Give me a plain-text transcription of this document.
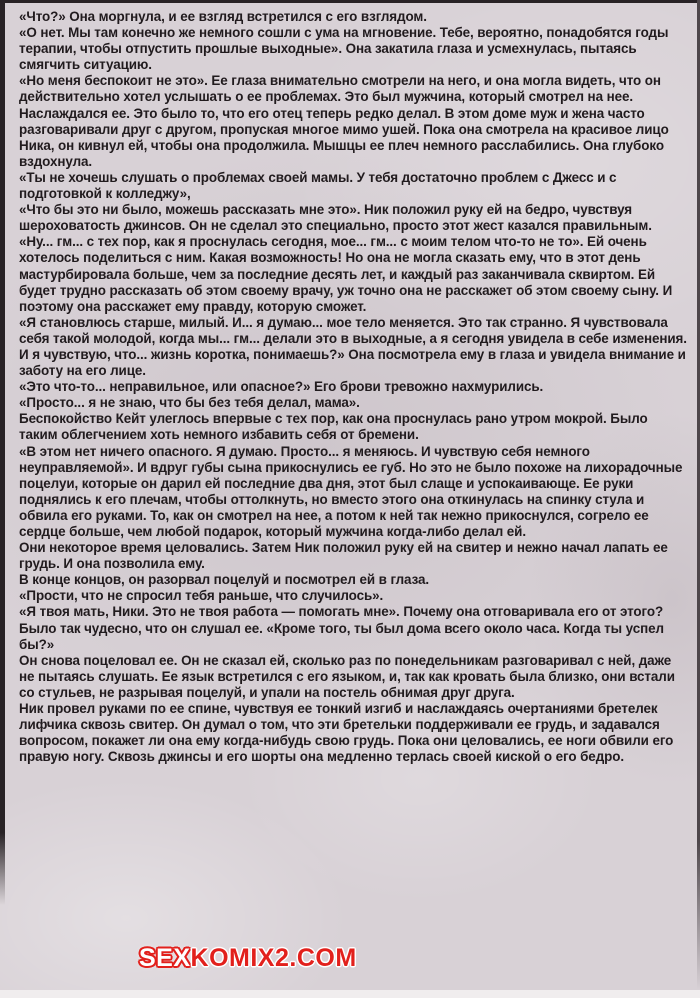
«Что?» Она моргнула, и ее взгляд встретился с его взглядом.

«О нет. Мы там конечно же немного сошли с ума на мгновение. Тебе, вероятно, понадобятся годы терапии, чтобы отпустить прошлые выходные». Она закатила глаза и усмехнулась, пытаясь смягчить ситуацию.

«Но меня беспокоит не это». Ее глаза внимательно смотрели на него, и она могла видеть, что он действительно хотел услышать о ее проблемах. Это был мужчина, который смотрел на нее. Наслаждался ее. Это было то, что его отец теперь редко делал. В этом доме муж и жена часто разговаривали друг с другом, пропуская многое мимо ушей. Пока она смотрела на красивое лицо Ника, он кивнул ей, чтобы она продолжила. Мышцы ее плеч немного расслабились. Она глубоко вздохнула.

«Ты не хочешь слушать о проблемах своей мамы. У тебя достаточно проблем с Джесс и с подготовкой к колледжу»,

«Что бы это ни было, можешь рассказать мне это». Ник положил руку ей на бедро, чувствуя шероховатость джинсов. Он не сделал это специально, просто этот жест казался правильным.

«Ну... гм... с тех пор, как я проснулась сегодня, мое... гм... с моим телом что-то не то». Ей очень хотелось поделиться с ним. Какая возможность! Но она не могла сказать ему, что в этот день мастурбировала больше, чем за последние десять лет, и каждый раз заканчивала сквиртом. Ей будет трудно рассказать об этом своему врачу, уж точно она не расскажет об этом своему сыну. И поэтому она расскажет ему правду, которую сможет.

«Я становлюсь старше, милый. И... я думаю... мое тело меняется. Это так странно. Я чувствовала себя такой молодой, когда мы... гм... делали это в выходные, а я сегодня увидела в себе изменения. И я чувствую, что... жизнь коротка, понимаешь?» Она посмотрела ему в глаза и увидела внимание и заботу на его лице.

«Это что-то... неправильное, или опасное?» Его брови тревожно нахмурились.

«Просто... я не знаю, что бы без тебя делал, мама».

Беспокойство Кейт улеглось впервые с тех пор, как она проснулась рано утром мокрой. Было таким облегчением хоть немного избавить себя от бремени.

«В этом нет ничего опасного. Я думаю. Просто... я меняюсь. И чувствую себя немного неуправляемой». И вдруг губы сына прикоснулись ее губ. Но это не было похоже на лихорадочные поцелуи, которые он дарил ей последние два дня, этот был слаще и успокаивающе. Ее руки поднялись к его плечам, чтобы оттолкнуть, но вместо этого она откинулась на спинку стула и обвила его руками. То, как он смотрел на нее, а потом к ней так нежно прикоснулся, согрело ее сердце больше, чем любой подарок, который мужчина когда-либо делал ей.

Они некоторое время целовались. Затем Ник положил руку ей на свитер и нежно начал лапать ее грудь. И она позволила ему.

В конце концов, он разорвал поцелуй и посмотрел ей в глаза.

«Прости, что не спросил тебя раньше, что случилось».

«Я твоя мать, Ники. Это не твоя работа — помогать мне». Почему она отговаривала его от этого? Было так чудесно, что он слушал ее. «Кроме того, ты был дома всего около часа. Когда ты успел бы?»

Он снова поцеловал ее. Он не сказал ей, сколько раз по понедельникам разговаривал с ней, даже не пытаясь слушать. Ее язык встретился с его языком, и, так как кровать была близко, они встали со стульев, не разрывая поцелуй, и упали на постель обнимая друг друга.

Ник провел руками по ее спине, чувствуя ее тонкий изгиб и наслаждаясь очертаниями бретелек лифчика сквозь свитер. Он думал о том, что эти бретельки поддерживали ее грудь, и задавался вопросом, покажет ли она ему когда-нибудь свою грудь. Пока они целовались, ее ноги обвили его правую ногу. Сквозь джинсы и его шорты она медленно терлась своей киской о его бедро.

SEXKOMIX2.COM
